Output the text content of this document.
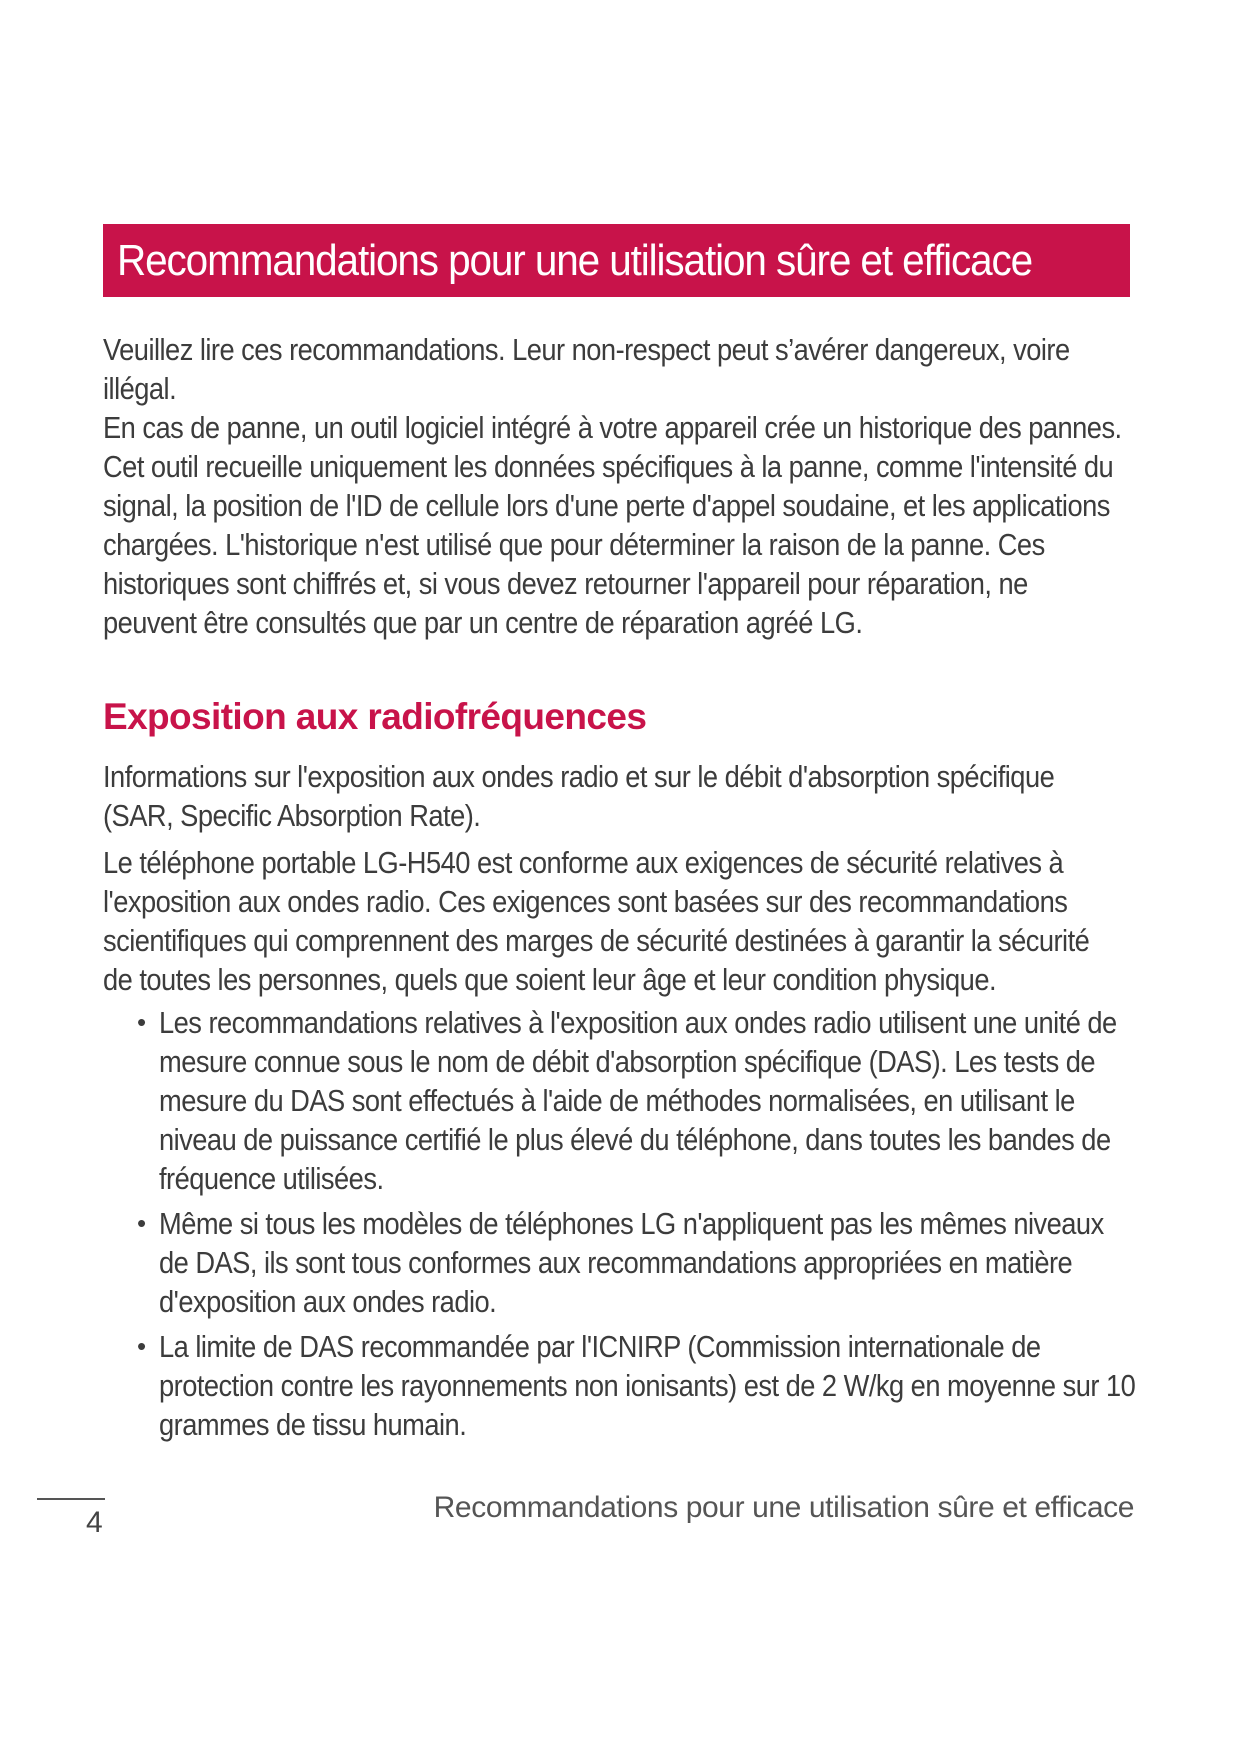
Recommandations pour une utilisation sûre et efficace

Veuillez lire ces recommandations. Leur non-respect peut s’avérer dangereux, voire illégal.

En cas de panne, un outil logiciel intégré à votre appareil crée un historique des pannes. Cet outil recueille uniquement les données spécifiques à la panne, comme l'intensité du signal, la position de l'ID de cellule lors d'une perte d'appel soudaine, et les applications chargées. L'historique n'est utilisé que pour déterminer la raison de la panne. Ces historiques sont chiffrés et, si vous devez retourner l'appareil pour réparation, ne peuvent être consultés que par un centre de réparation agréé LG.

Exposition aux radiofréquences

Informations sur l'exposition aux ondes radio et sur le débit d'absorption spécifique (SAR, Specific Absorption Rate).

Le téléphone portable LG-H540 est conforme aux exigences de sécurité relatives à l'exposition aux ondes radio. Ces exigences sont basées sur des recommandations scientifiques qui comprennent des marges de sécurité destinées à garantir la sécurité de toutes les personnes, quels que soient leur âge et leur condition physique.

• Les recommandations relatives à l'exposition aux ondes radio utilisent une unité de mesure connue sous le nom de débit d'absorption spécifique (DAS). Les tests de mesure du DAS sont effectués à l'aide de méthodes normalisées, en utilisant le niveau de puissance certifié le plus élevé du téléphone, dans toutes les bandes de fréquence utilisées.
• Même si tous les modèles de téléphones LG n'appliquent pas les mêmes niveaux de DAS, ils sont tous conformes aux recommandations appropriées en matière d'exposition aux ondes radio.
• La limite de DAS recommandée par l'ICNIRP (Commission internationale de protection contre les rayonnements non ionisants) est de 2 W/kg en moyenne sur 10 grammes de tissu humain.
4	Recommandations pour une utilisation sûre et efficace
